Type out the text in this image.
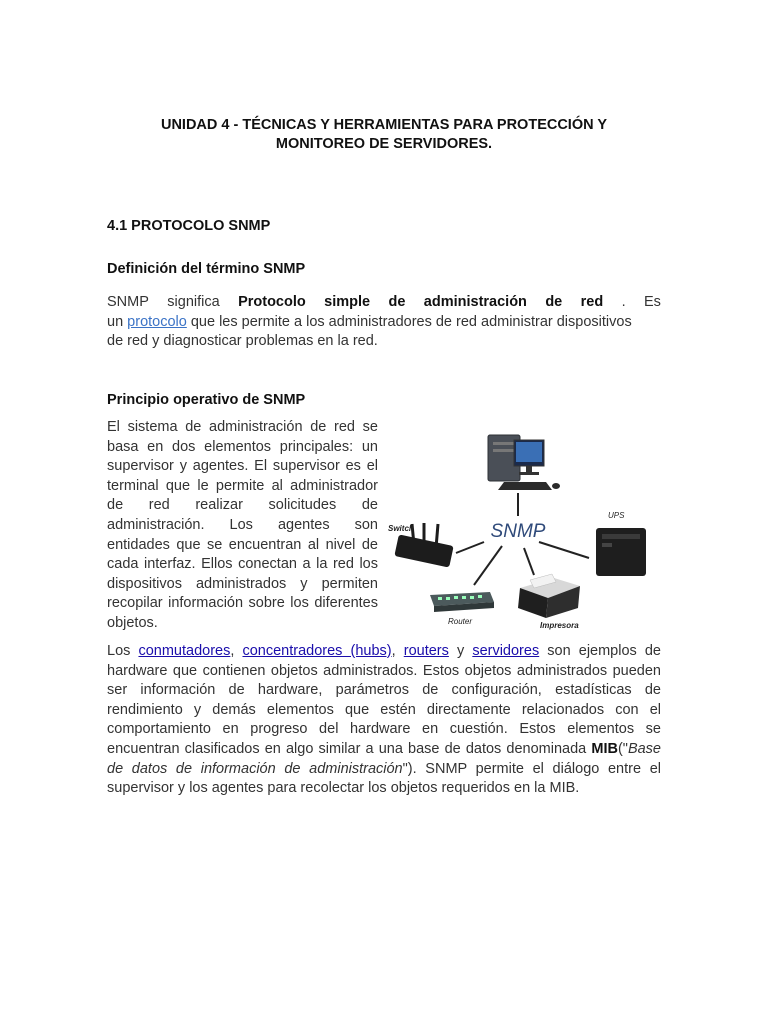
UNIDAD 4 - TÉCNICAS Y HERRAMIENTAS PARA PROTECCIÓN Y
MONITOREO DE SERVIDORES.
4.1 PROTOCOLO SNMP
Definición del término SNMP
SNMP significa Protocolo simple de administración de red . Es
un protocolo que les permite a los administradores de red administrar dispositivos
de red y diagnosticar problemas en la red.
Principio operativo de SNMP
El sistema de administración de red se basa en dos elementos principales: un supervisor y agentes. El supervisor es el terminal que le permite al administrador de red realizar solicitudes de administración. Los agentes son entidades que se encuentran al nivel de cada interfaz. Ellos conectan a la red los dispositivos administrados y permiten recopilar información sobre los diferentes objetos.
SNMP
Switch
UPS
Router	Impresora
Los conmutadores, concentradores (hubs), routers y servidores son ejemplos de hardware que contienen objetos administrados. Estos objetos administrados pueden ser información de hardware, parámetros de configuración, estadísticas de rendimiento y demás elementos que estén directamente relacionados con el comportamiento en progreso del hardware en cuestión. Estos elementos se encuentran clasificados en algo similar a una base de datos denominada MIB("Base de datos de información de administración"). SNMP permite el diálogo entre el supervisor y los agentes para recolectar los objetos requeridos en la MIB.
